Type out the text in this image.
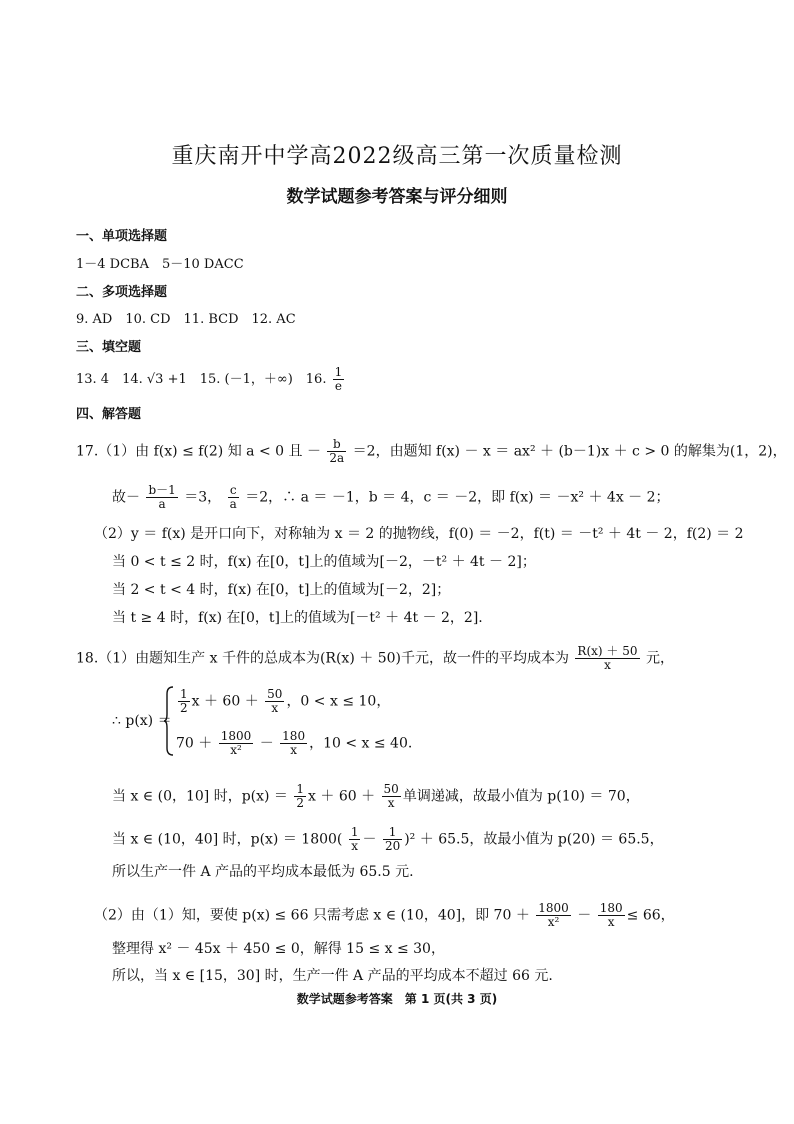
重庆南开中学高2022级高三第一次质量检测
数学试题参考答案与评分细则
一、单项选择题
1－4 DCBA　5－10 DACC
二、多项选择题
9. AD　10. CD　11. BCD　12. AC
三、填空题
13. 4　14. √3 +1　15. (－1，＋∞)　16. $\frac{1}{e}$
四、解答题
17.（1）由 f(x) ≤ f(2) 知 a < 0 且 － $\frac{b}{2a} =2$，由题知 f(x) － x ＝ ax² ＋ (b－1)x ＋ c > 0 的解集为(1，2)，
故－ $\frac{b-1}{a} =3$， $\frac{c}{a} =2$，∴ a ＝ －1，b ＝ 4，c ＝ －2，即 f(x) ＝ －x² ＋ 4x － 2；
（2）y ＝ f(x) 是开口向下，对称轴为 x ＝ 2 的抛物线，f(0) ＝ －2，f(t) ＝ －t² ＋ 4t － 2，f(2) ＝ 2
当 0 < t ≤ 2 时，f(x) 在[0，t]上的值域为[－2，－t² ＋ 4t － 2]；
当 2 < t < 4 时，f(x) 在[0，t]上的值域为[－2，2]；
当 t ≥ 4 时，f(x) 在[0，t]上的值域为[－t² ＋ 4t － 2，2].
18.（1）由题知生产 x 千件的总成本为(R(x) ＋ 50)千元，故一件的平均成本为 $\frac{R(x) + 50}{x}$ 元，
∴ p(x) ＝
$\frac{1}{2}$ $x + 60 + \frac{50}{x}$ ，0 < x ≤ 10，
$70 + \frac{1800}{\text{x²}} - \frac{180}{x}$ ，10 < x ≤ 40.
当 x ∈ (0，10] 时，$p(x) = \frac{1}{2}$ $x + 60 + \frac{50}{x}$ 单调递减，故最小值为 p(10) ＝ 70，
当 x ∈ (10，40] 时，$p(x) = 1800( \frac{1}{x} - \frac{1}{20} )^2 + 65.5$，故最小值为 p(20) ＝ 65.5，
所以生产一件 A 产品的平均成本最低为 65.5 元.
（2）由（1）知，要使 p(x) ≤ 66 只需考虑 x ∈ (10，40]，即 $70 + \frac{1800}{\text{x²}} - \frac{180}{x} \le 66$，
整理得 x² － 45x ＋ 450 ≤ 0，解得 15 ≤ x ≤ 30，
所以，当 x ∈ [15，30] 时，生产一件 A 产品的平均成本不超过 66 元.
数学试题参考答案　第 1 页(共 3 页)
